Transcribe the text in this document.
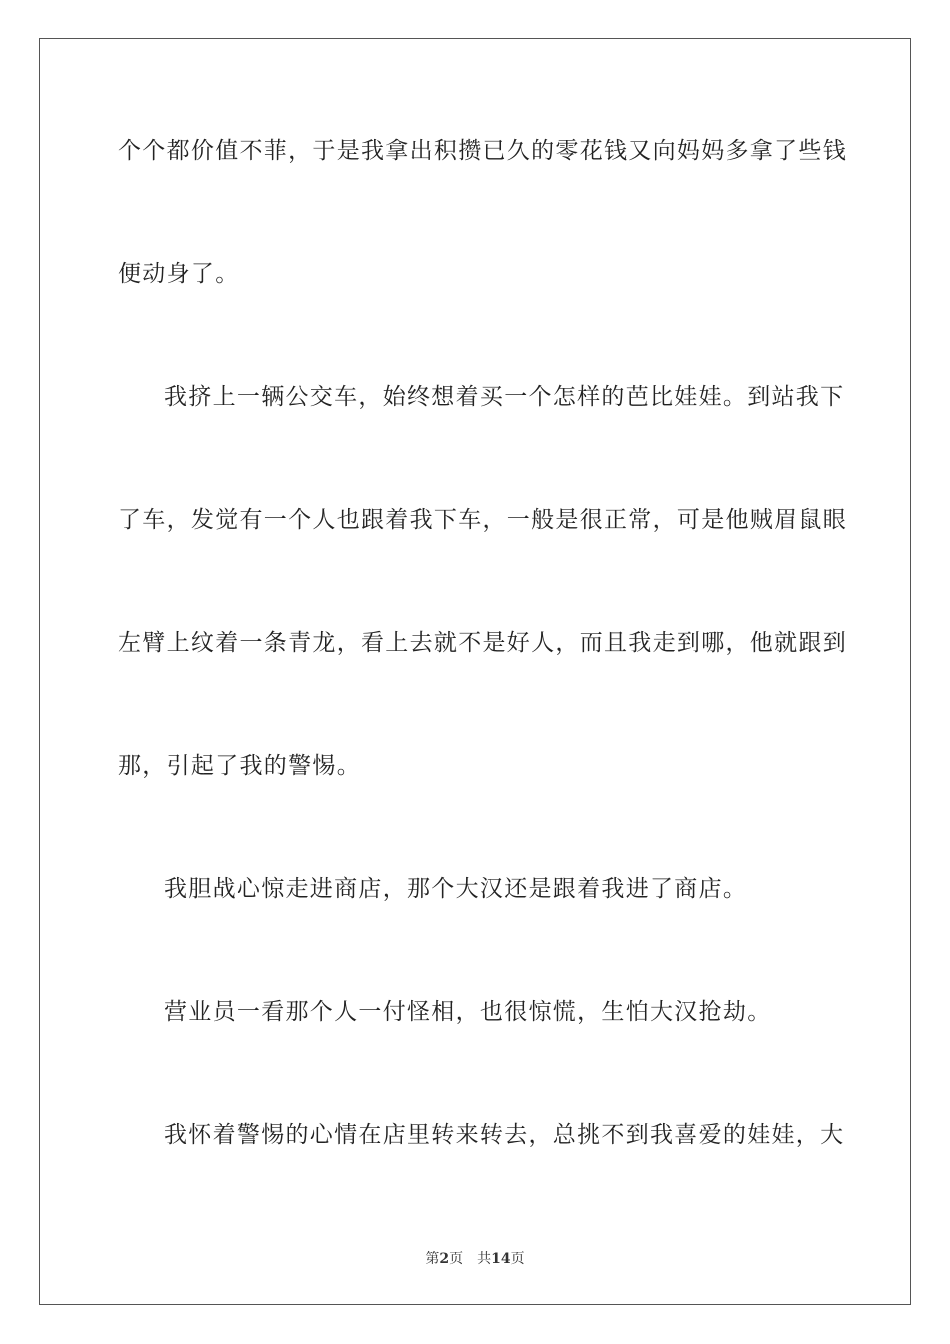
个个都价值不菲，于是我拿出积攒已久的零花钱又向妈妈多拿了些钱
便动身了。
我挤上一辆公交车，始终想着买一个怎样的芭比娃娃。到站我下
了车，发觉有一个人也跟着我下车，一般是很正常，可是他贼眉鼠眼
左臂上纹着一条青龙，看上去就不是好人，而且我走到哪，他就跟到
那，引起了我的警惕。
我胆战心惊走进商店，那个大汉还是跟着我进了商店。
营业员一看那个人一付怪相，也很惊慌，生怕大汉抢劫。
我怀着警惕的心情在店里转来转去，总挑不到我喜爱的娃娃，大
第2页 共14页
